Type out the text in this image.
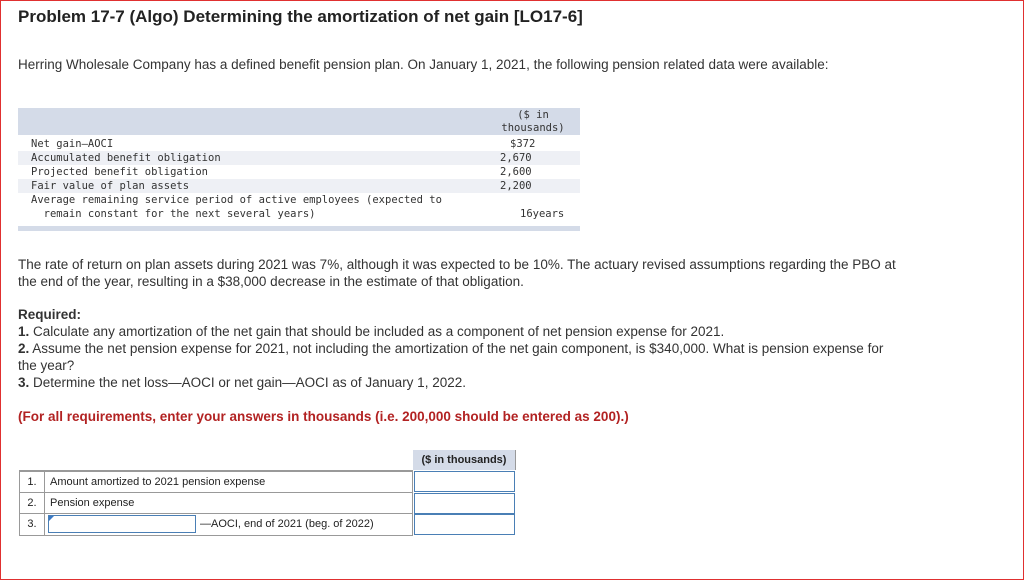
Problem 17-7 (Algo) Determining the amortization of net gain [LO17-6]
Herring Wholesale Company has a defined benefit pension plan. On January 1, 2021, the following pension related data were available:
($ in
thousands)
Net gain–AOCI	$372
Accumulated benefit obligation	2,670
Projected benefit obligation	2,600
Fair value of plan assets	2,200
Average remaining service period of active employees (expected to
remain constant for the next several years)	16years
The rate of return on plan assets during 2021 was 7%, although it was expected to be 10%. The actuary revised assumptions regarding the PBO at the end of the year, resulting in a $38,000 decrease in the estimate of that obligation.
Required:
1. Calculate any amortization of the net gain that should be included as a component of net pension expense for 2021.
2. Assume the net pension expense for 2021, not including the amortization of the net gain component, is $340,000. What is pension expense for the year?
3. Determine the net loss—AOCI or net gain—AOCI as of January 1, 2022.
(For all requirements, enter your answers in thousands (i.e. 200,000 should be entered as 200).)
($ in thousands)
1.	Amount amortized to 2021 pension expense
2.	Pension expense
3.	—AOCI, end of 2021 (beg. of 2022)
